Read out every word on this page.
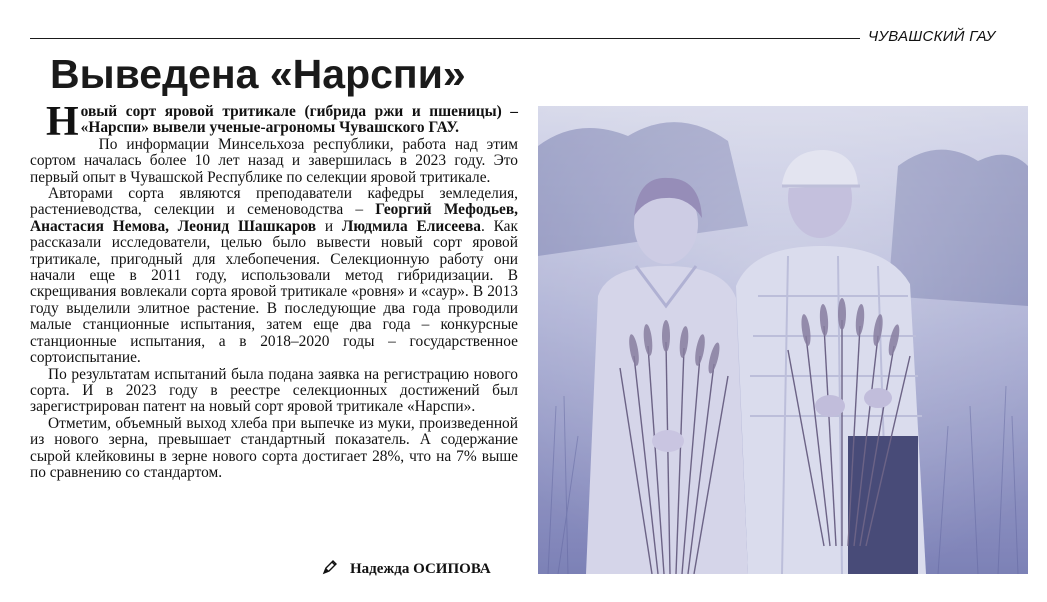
ЧУВАШСКИЙ ГАУ
Выведена «Нарспи»

Новый сорт яровой тритикале (гибрида ржи и пшеницы) – «Нарспи» вывели ученые-агрономы Чувашского ГАУ.

По информации Минсельхоза республики, работа над этим сортом началась более 10 лет назад и завершилась в 2023 году. Это первый опыт в Чувашской Республике по селекции яровой тритикале.

Авторами сорта являются преподаватели кафедры земледелия, растениеводства, селекции и семеноводства – Георгий Мефодьев, Анастасия Немова, Леонид Шашкаров и Людмила Елисеева. Как рассказали исследователи, целью было вывести новый сорт яровой тритикале, пригодный для хлебопечения. Селекционную работу они начали еще в 2011 году, использовали метод гибридизации. В скрещивания вовлекали сорта яровой тритикале «ровня» и «саур». В 2013 году выделили элитное растение. В последующие два года проводили малые станционные испытания, затем еще два года – конкурсные станционные испытания, а в 2018–2020 годы – государственное сортоиспытание.

По результатам испытаний была подана заявка на регистрацию нового сорта. И в 2023 году в реестре селекционных достижений был зарегистрирован патент на новый сорт яровой тритикале «Нарспи».

Отметим, объемный выход хлеба при выпечке из муки, произведенной из нового зерна, превышает стандартный показатель. А содержание сырой клейковины в зерне нового сорта достигает 28%, что на 7% выше по сравнению со стандартом.

Надежда ОСИПОВА
